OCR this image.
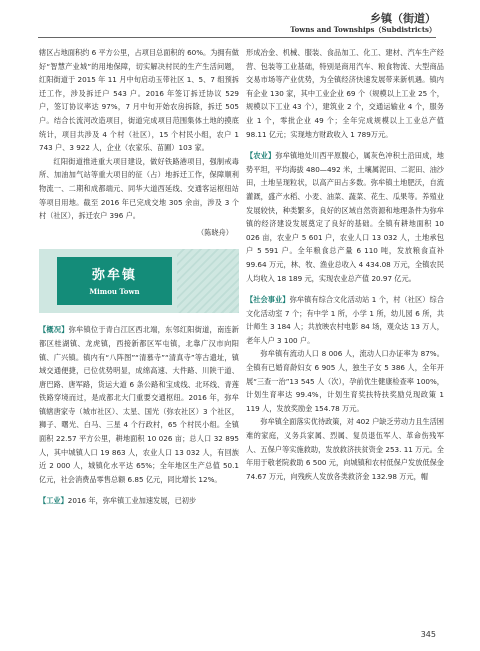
乡镇（街道）
Towns and Townships（Subdistricts）

辖区占地面积约 6 平方公里，占项目总面积的 60%。为拥有做好“智慧产业城”的用地保障，切实解决村民的生产生活问题，红阳街道于 2015 年 11 月中旬启动玉带社区 1、5、7 组预拆迁工作，涉及拆迁户 543 户。2016 年签订拆迁协议 529 户，签订协议率达 97%，7 月中旬开始农房拆除，拆迁 505 户。结合长流河改造项目，街道完成项目范围集体土地的摸底统计，项目共涉及 4 个村（社区），15 个村民小组，农户 1 743 户、3 922 人，企业（农家乐、苗圃）103 家。

红阳街道推进重大项目建设，做好铁路港项目，强制戒毒所、加油加气站等重大项目的征（占）地拆迁工作，保障顺利物流一、二期和成都端元、同华大道西延线、交通客运枢纽站等项目用地。截至 2016 年已完成交地 305 余亩，涉及 3 个村（社区），拆迁农户 396 户。

（陈晓舟）
弥牟镇
Mimou Town

【概况】弥牟镇位于青白江区西北端，东邻红阳街道，南连新都区桂湖镇、龙虎镇，西接新都区军屯镇，北靠广汉市向阳镇、广兴镇。镇内有“八阵图”“清慕寺”“清真寺”等古遗址，镇域交通便捷，已位优势明显，成绵高速、大件路、川陕干道、唐巴路、唐军路，货运大道 6 条公路和宝成线、北环线、青莲铁路穿境而过，是成都北大门重要交通枢纽。2016 年，弥牟镇辖唐家寺（城市社区）、太星、国光（弥农社区）3 个社区，狮子、曙光、白马、三星 4 个行政村，65 个村民小组。全镇面积 22.57 平方公里，耕地面积 10 026 亩；总人口 32 895 人，其中城镇人口 19 863 人，农业人口 13 032 人，有回族近 2 000 人，城镇化水平达 65%；全年地区生产总值 50.1 亿元，社会消费品零售总额 6.85 亿元，同比增长 12%。

【工业】2016 年，弥牟镇工业加速发展，已初步

形成冶金、机械、服装、食品加工、化工、建材、汽车生产经营、包装等工业基础，特别是商用汽车、粮食物流、大型商品交易市场等产业优势，为全镇经济快速发展带来新机遇。镇内有企业 130 家，其中工业企业 69 个（规模以上工业 25 个，规模以下工业 43 个），建筑业 2 个，交通运输业 4 个，服务业 1 个，零批企业 49 个；全年完成规模以上工业总产值 98.11 亿元；实现地方财政收入 1 789万元。

【农业】弥牟镇地处川西平原腹心，属灰色冲积土沿田成，地势平坦，平均海拔 480—492 米，土壤属泥田、二泥田、油沙田，土地呈现粒状，以高产田占多数。弥牟镇土地肥沃，自流灌溉，盛产水稻、小麦、油菜、蔬菜、花生、瓜果等。养殖业发展较快，种类繁多，良好的区域自然资源和地理条件为弥牟镇的经济建设发展奠定了良好的基础。全镇有耕地面积 10 026 亩，农业户 5 601 户，农业人口 13 032 人，土地承包户 5 591 户。全年粮食总产量 6 110 吨，发放粮食直补 99.64 万元，林、牧、渔业总收入 4 434.08 万元，全镇农民人均收入 18 189 元，实现农业总产值 20.97 亿元。

【社会事业】弥牟镇有综合文化活动站 1 个，村（社区）综合文化活动室 7 个；有中学 1 所，小学 1 所，幼儿园 6 所，共计师生 3 184 人；共放映农村电影 84 场，观众达 13 万人，老年人户 3 100 户。

弥牟镇有流动人口 8 006 人，流动人口办证率为 87%。全镇有已婚育龄妇女 6 905 人，独生子女 5 386 人，全年开展“三查一治”13 545 人（次），孕前优生健康检查率 100%，计划生育率达 99.4%，计划生育奖扶特扶奖励兑现政策 1 119 人，发放奖励金 154.78 万元。

弥牟镇全面落实优待政策，对 402 户缺乏劳动力且生活困难的家庭，义务兵家属、烈属、复员退伍军人、革命伤残军人、五保户等实施救助，发放救济扶贫资金 253. 11 万元。全年用于敬老院救助 6 500 元，向城镇和农村低保户发放低保金 74.67 万元，向残疾人发放各类救济金 132.98 万元，帽

345
